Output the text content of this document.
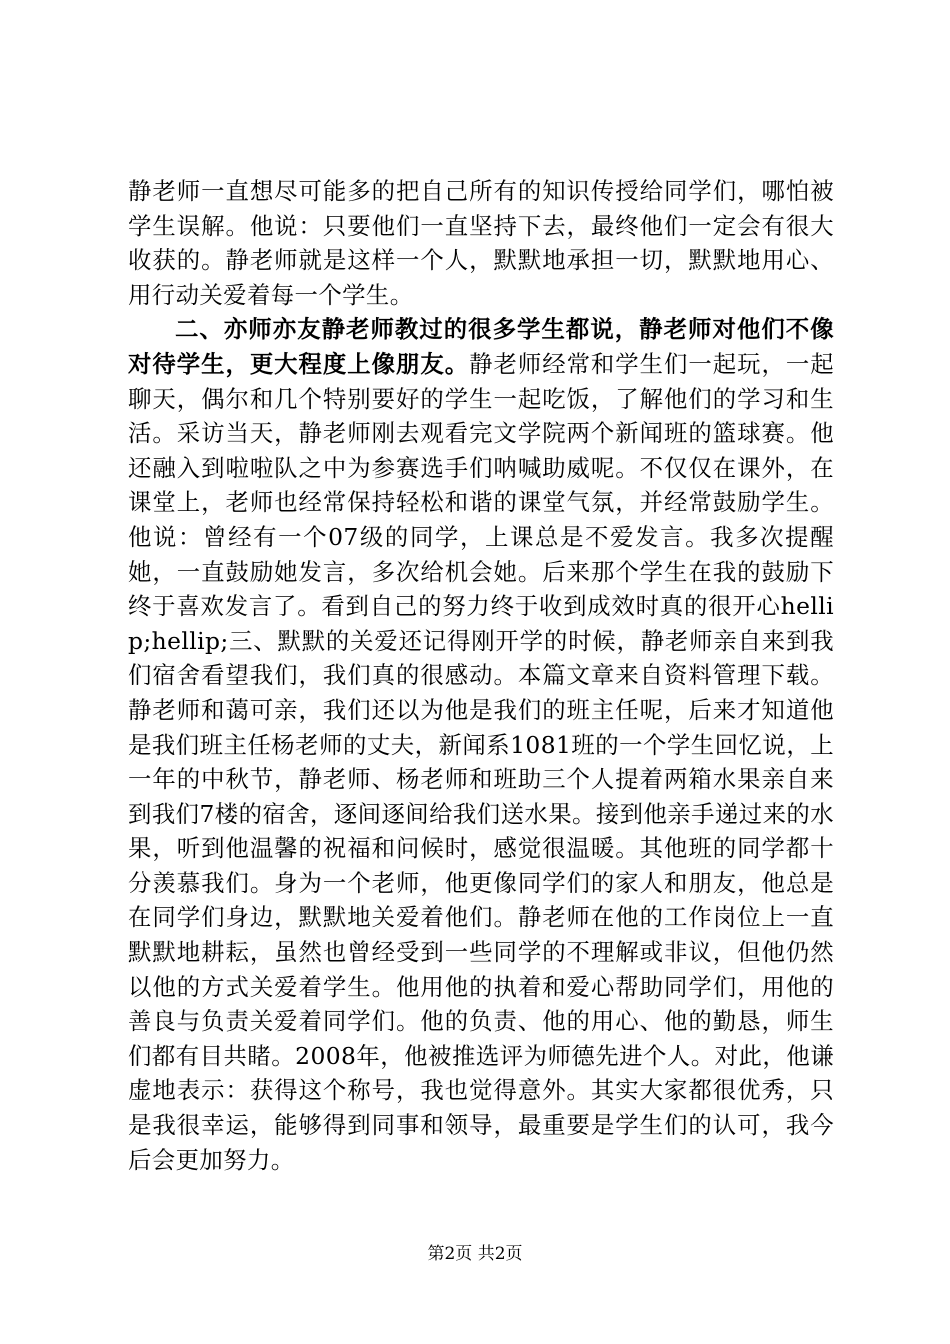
静老师一直想尽可能多的把自己所有的知识传授给同学们，哪怕被学生误解。他说：只要他们一直坚持下去，最终他们一定会有很大收获的。静老师就是这样一个人，默默地承担一切，默默地用心、用行动关爱着每一个学生。

二、亦师亦友静老师教过的很多学生都说，静老师对他们不像对待学生，更大程度上像朋友。静老师经常和学生们一起玩，一起聊天，偶尔和几个特别要好的学生一起吃饭，了解他们的学习和生活。采访当天，静老师刚去观看完文学院两个新闻班的篮球赛。他还融入到啦啦队之中为参赛选手们呐喊助威呢。不仅仅在课外，在课堂上，老师也经常保持轻松和谐的课堂气氛，并经常鼓励学生。他说：曾经有一个07级的同学，上课总是不爱发言。我多次提醒她，一直鼓励她发言，多次给机会她。后来那个学生在我的鼓励下终于喜欢发言了。看到自己的努力终于收到成效时真的很开心hellip;hellip;三、默默的关爱还记得刚开学的时候，静老师亲自来到我们宿舍看望我们，我们真的很感动。本篇文章来自资料管理下载。静老师和蔼可亲，我们还以为他是我们的班主任呢，后来才知道他是我们班主任杨老师的丈夫，新闻系1081班的一个学生回忆说，上一年的中秋节，静老师、杨老师和班助三个人提着两箱水果亲自来到我们7楼的宿舍，逐间逐间给我们送水果。接到他亲手递过来的水果，听到他温馨的祝福和问候时，感觉很温暖。其他班的同学都十分羡慕我们。身为一个老师，他更像同学们的家人和朋友，他总是在同学们身边，默默地关爱着他们。静老师在他的工作岗位上一直默默地耕耘，虽然也曾经受到一些同学的不理解或非议，但他仍然以他的方式关爱着学生。他用他的执着和爱心帮助同学们，用他的善良与负责关爱着同学们。他的负责、他的用心、他的勤恳，师生们都有目共睹。2008年，他被推选评为师德先进个人。对此，他谦虚地表示：获得这个称号，我也觉得意外。其实大家都很优秀，只是我很幸运，能够得到同事和领导，最重要是学生们的认可，我今后会更加努力。

第2页 共2页
